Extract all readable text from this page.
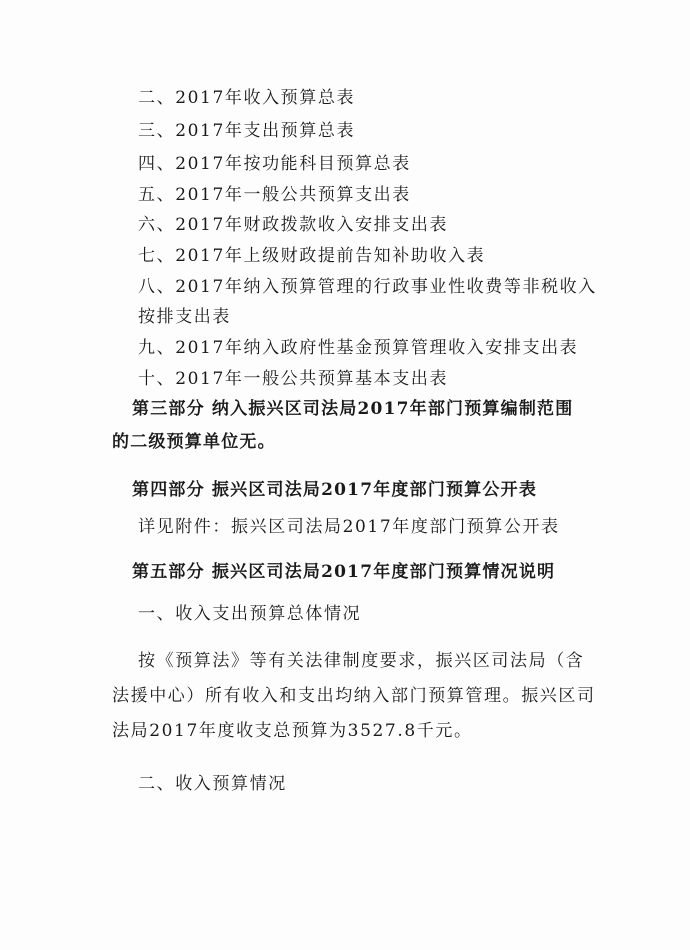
二、2017年收入预算总表
三、2017年支出预算总表
四、2017年按功能科目预算总表
五、2017年一般公共预算支出表
六、2017年财政拨款收入安排支出表
七、2017年上级财政提前告知补助收入表
八、2017年纳入预算管理的行政事业性收费等非税收入
按排支出表
九、2017年纳入政府性基金预算管理收入安排支出表
十、2017年一般公共预算基本支出表
第三部分 纳入振兴区司法局2017年部门预算编制范围
的二级预算单位无。
第四部分 振兴区司法局2017年度部门预算公开表
详见附件：振兴区司法局2017年度部门预算公开表
第五部分 振兴区司法局2017年度部门预算情况说明
一、收入支出预算总体情况
按《预算法》等有关法律制度要求，振兴区司法局（含
法援中心）所有收入和支出均纳入部门预算管理。振兴区司
法局2017年度收支总预算为3527.8千元。
二、收入预算情况
